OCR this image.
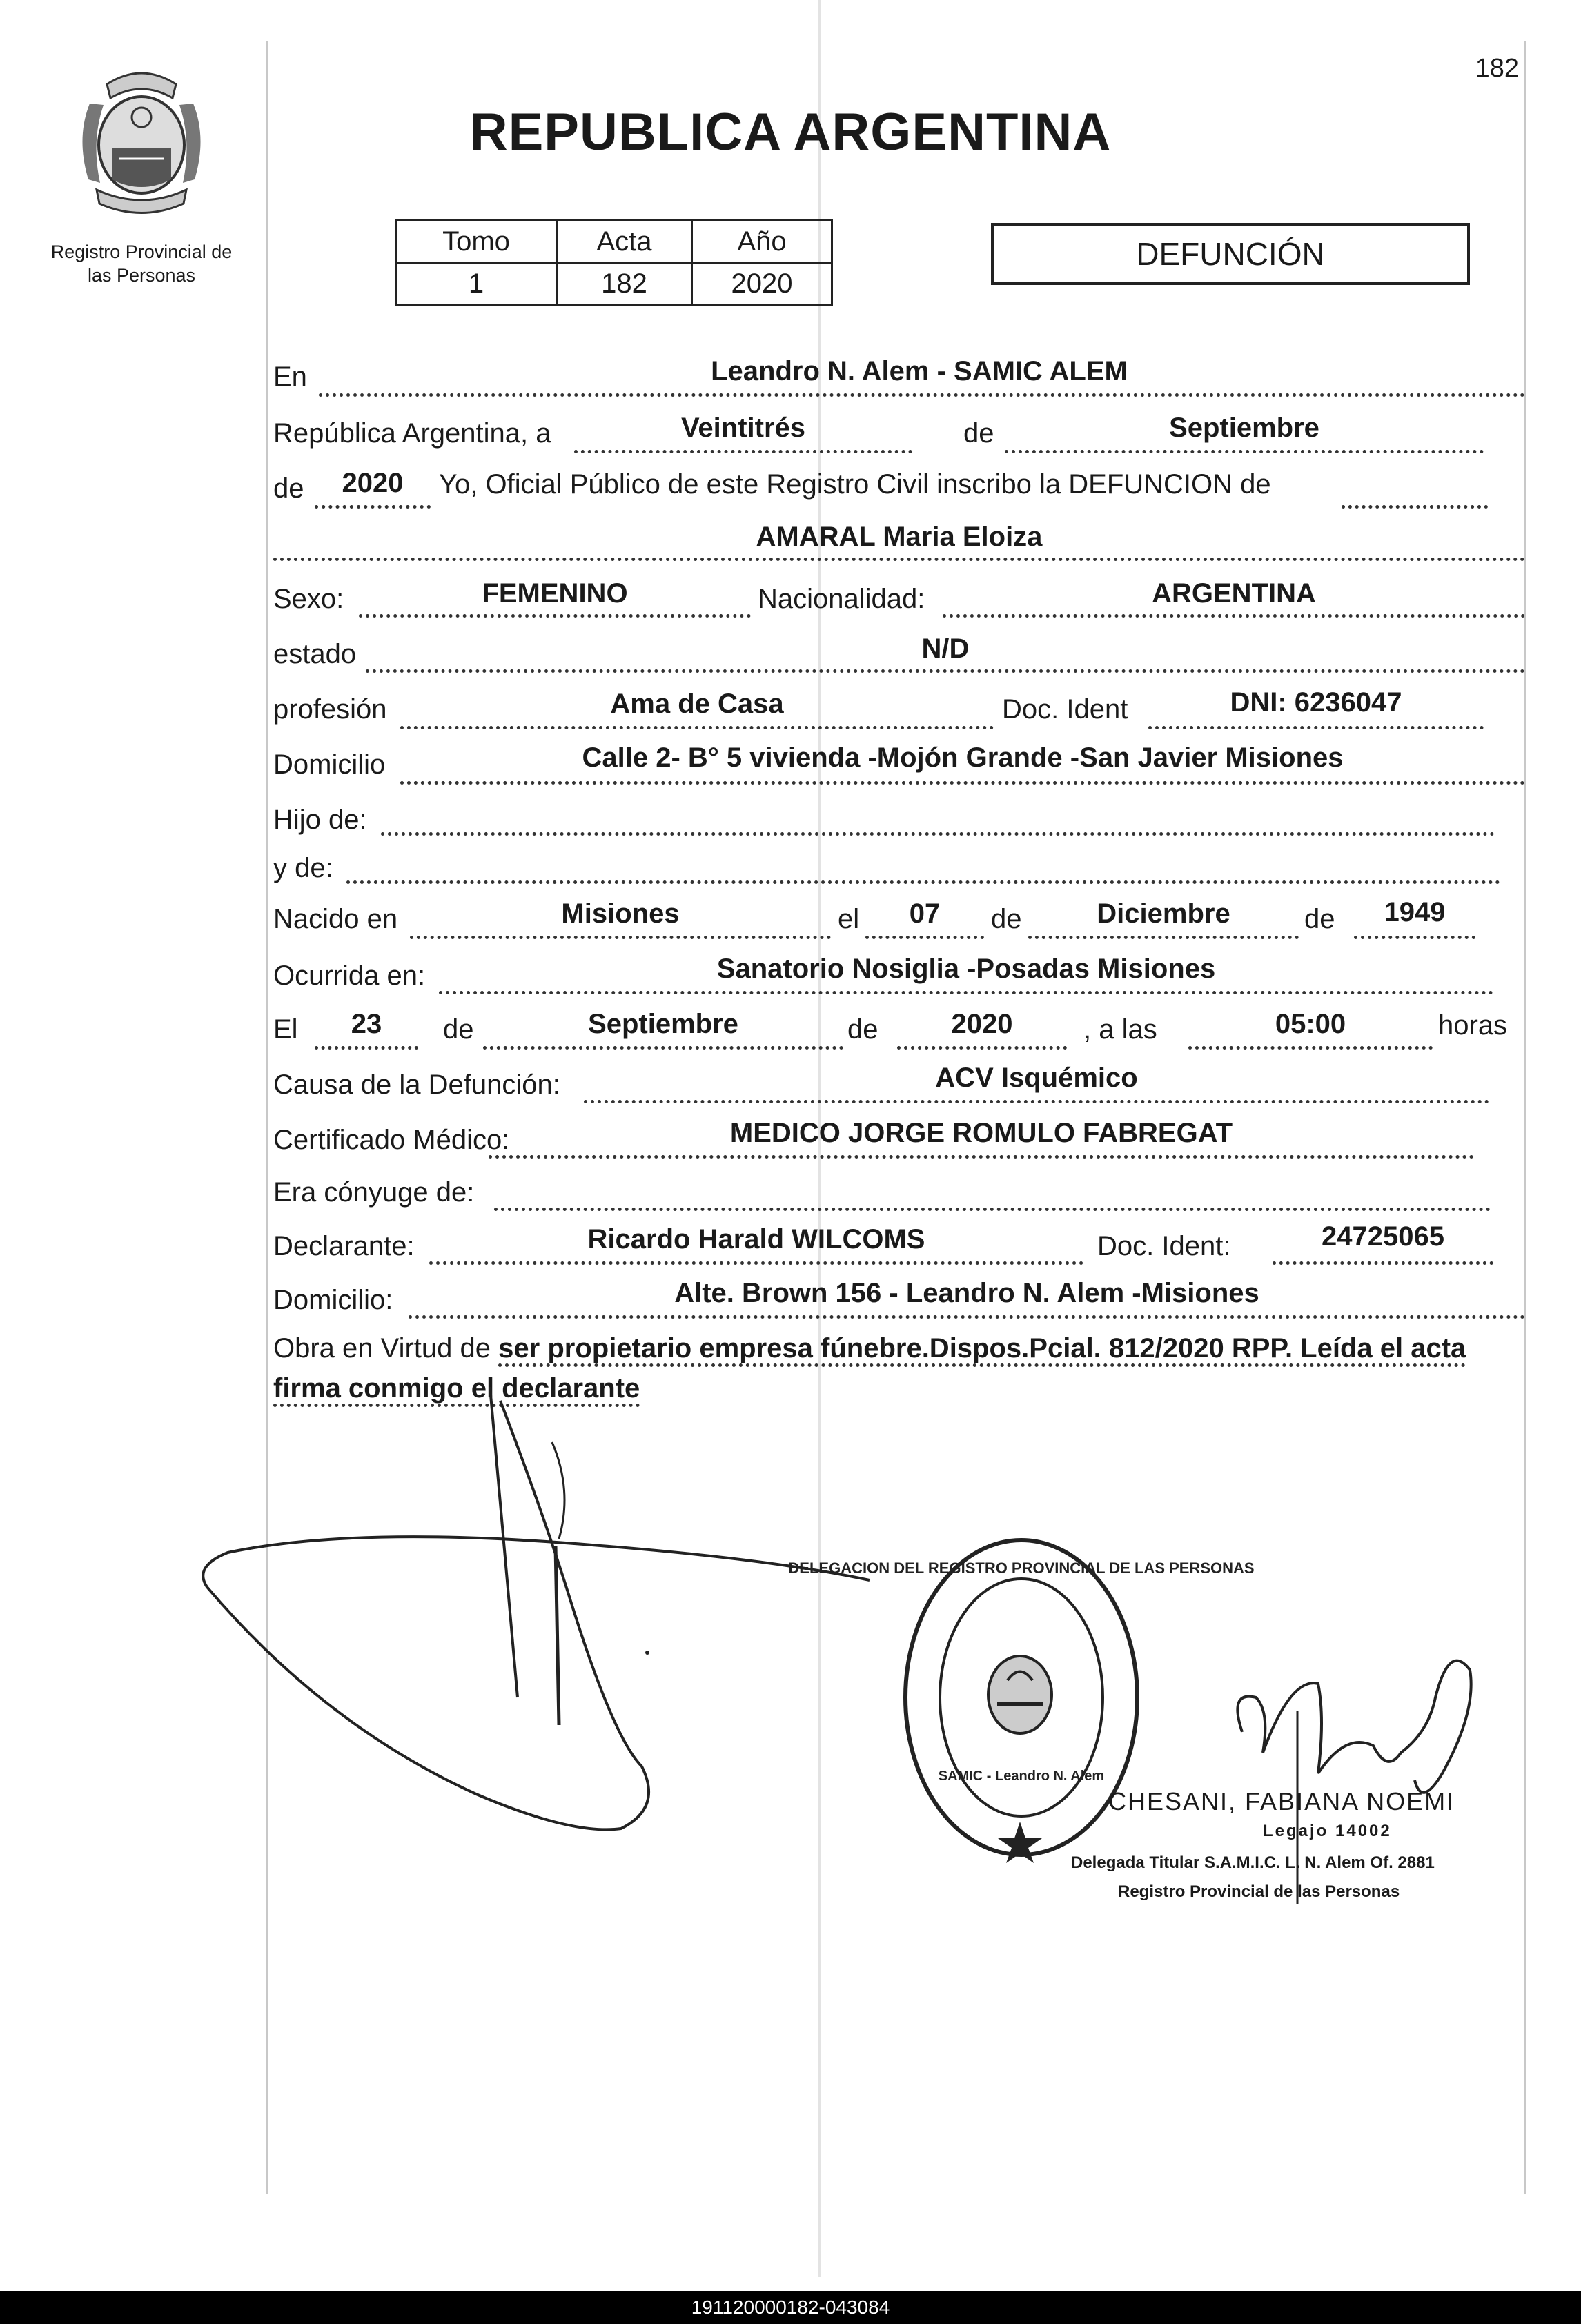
182
Registro Provincial de
las Personas
REPUBLICA ARGENTINA
Tomo	Acta	Año
1	182	2020
DEFUNCIÓN
En	Leandro N. Alem - SAMIC ALEM
República Argentina, a	Veintitrés	de	Septiembre
de	2020	Yo, Oficial Público de este Registro Civil inscribo la DEFUNCION de
AMARAL Maria Eloiza
Sexo:	FEMENINO	Nacionalidad:	ARGENTINA
estado	N/D
profesión	Ama de Casa	Doc. Ident	DNI: 6236047
Domicilio	Calle 2- B° 5 vivienda -Mojón Grande -San Javier Misiones
Hijo de:
y de:
Nacido en	Misiones	el	07	de	Diciembre	de	1949
Ocurrida en:	Sanatorio Nosiglia -Posadas Misiones
El	23	de	Septiembre	de	2020	, a las	05:00	horas
Causa de la Defunción:	ACV Isquémico
Certificado Médico:	MEDICO JORGE ROMULO FABREGAT
Era cónyuge de:
Declarante:	Ricardo Harald WILCOMS	Doc. Ident:	24725065
Domicilio:	Alte. Brown 156 - Leandro N. Alem -Misiones
Obra en Virtud de ser propietario empresa fúnebre.Dispos.Pcial. 812/2020 RPP. Leída el acta firma conmigo el declarante
DELEGACION DEL REGISTRO PROVINCIAL DE LAS PERSONAS
SAMIC - Leandro N. Alem
CHESANI, FABIANA NOEMI
Legajo 14002
Delegada Titular S.A.M.I.C. L. N. Alem Of. 2881
Registro Provincial de las Personas
191120000182-043084
